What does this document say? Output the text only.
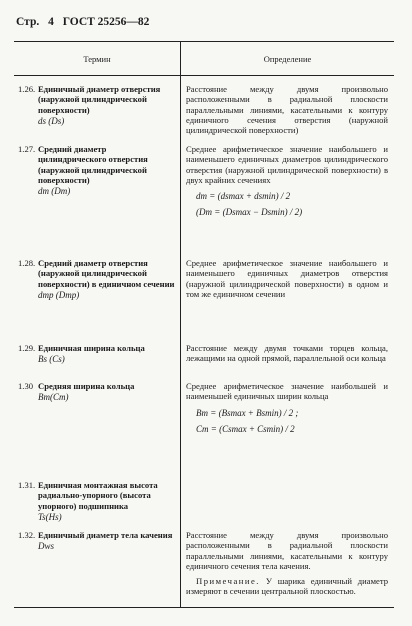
Стр. 4 ГОСТ 25256—82
Термин	Определение
1.26. Единичный диаметр отверстия (наружной цилиндрической поверхности)
ds (Ds)
Расстояние между двумя произвольно расположенными в радиальной плоскости параллельными линиями, касательными к контуру единичного сечения отверстия (наружной цилиндрической поверхности)
1.27. Средний диаметр цилиндрического отверстия (наружной цилиндрической поверхности)
dm (Dm)
Среднее арифметическое значение наибольшего и наименьшего единичных диаметров цилиндрического отверстия (наружной цилиндрической поверхности) в двух крайних сечениях
dm = (dsmax + dsmin) / 2
(Dm = (Dsmax − Dsmin) / 2)
1.28. Средний диаметр отверстия (наружной цилиндрической поверхности) в единичном сечении
dmp (Dmp)
Среднее арифметическое значение наибольшего и наименьшего единичных диаметров отверстия (наружной цилиндрической поверхности) в одном и том же единичном сечении
1.29. Единичная ширина кольца
Bs (Cs)
Расстояние между двумя точками торцев кольца, лежащими на одной прямой, параллельной оси кольца
1.30 Средняя ширина кольца
Bm(Cm)
Среднее арифметическое значение наибольшей и наименьшей единичных ширин кольца
Bm = (Bsmax + Bsmin) / 2 ;
Cm = (Csmax + Csmin) / 2
1.31. Единичная монтажная высота радиально-упорного (высота упорного) подшипника
Ts(Hs)
1.32. Единичный диаметр тела качения
Dws
Расстояние между двумя произвольно расположенными в радиальной плоскости параллельными линиями, касательными к контуру единичного сечения тела качения.
Примечание. У шарика единичный диаметр измеряют в сечении центральной плоскостью.
